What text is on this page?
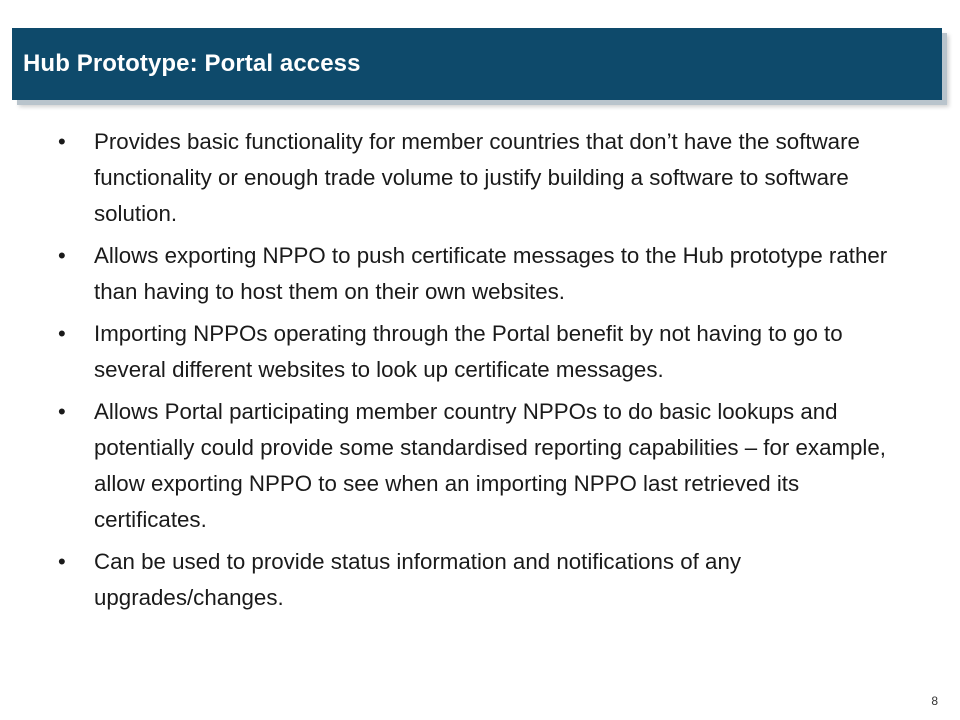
Hub Prototype: Portal access
•	Provides basic functionality for member countries that don’t have the software functionality or enough trade volume to justify building a software to software solution.
•	Allows exporting NPPO to push certificate messages to the Hub prototype rather than having to host them on their own websites.
•	Importing NPPOs operating through the Portal benefit by not having to go to several different websites to look up certificate messages.
•	Allows Portal participating member country NPPOs to do basic lookups and potentially could provide some standardised reporting capabilities – for example, allow exporting NPPO to see when an importing NPPO last retrieved its certificates.
•	Can be used to provide status information and notifications of any upgrades/changes.
8
